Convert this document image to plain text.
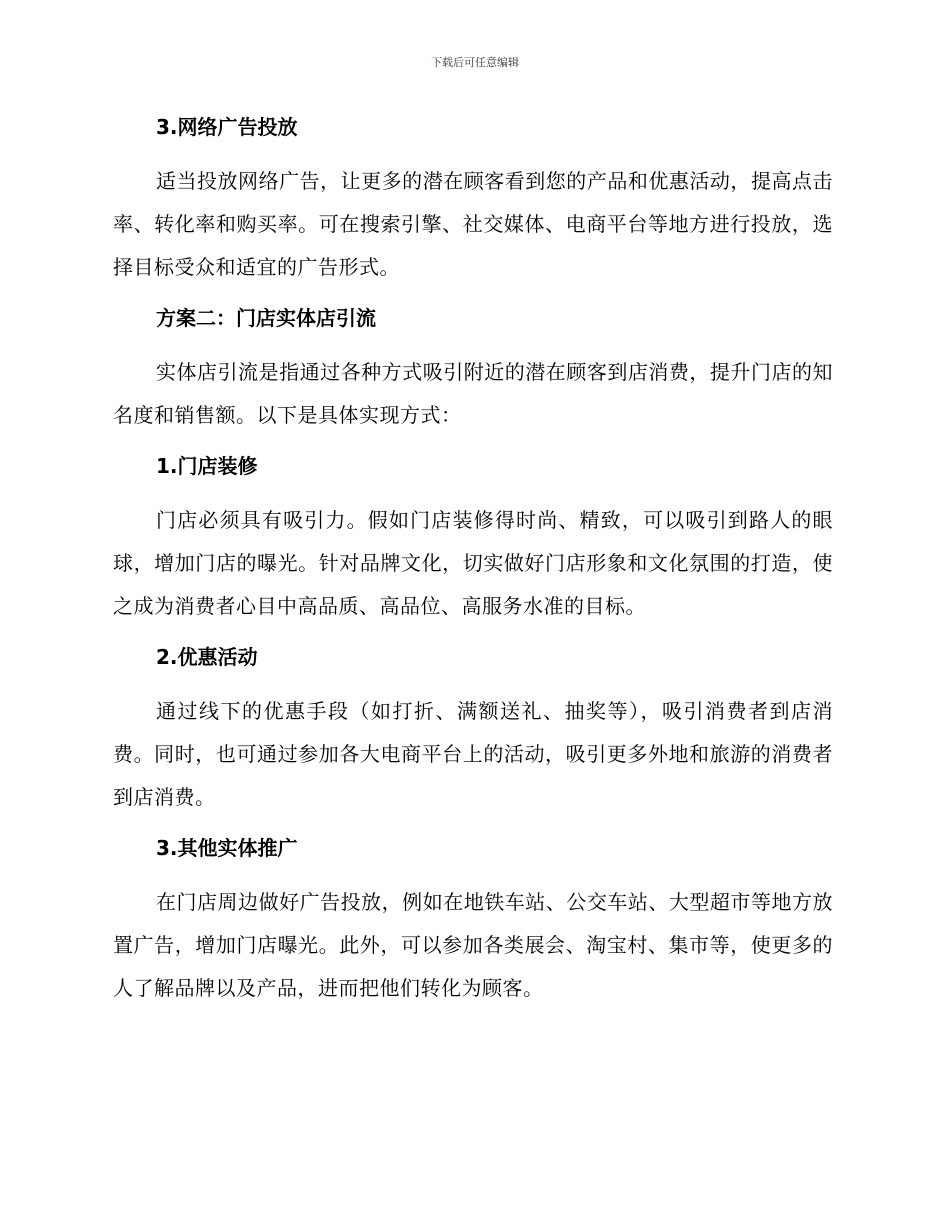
下载后可任意编辑
3.网络广告投放

适当投放网络广告，让更多的潜在顾客看到您的产品和优惠活动，提高点击率、转化率和购买率。可在搜索引擎、社交媒体、电商平台等地方进行投放，选择目标受众和适宜的广告形式。

方案二：门店实体店引流

实体店引流是指通过各种方式吸引附近的潜在顾客到店消费，提升门店的知名度和销售额。以下是具体实现方式：

1.门店装修

门店必须具有吸引力。假如门店装修得时尚、精致，可以吸引到路人的眼球，增加门店的曝光。针对品牌文化，切实做好门店形象和文化氛围的打造，使之成为消费者心目中高品质、高品位、高服务水准的目标。

2.优惠活动

通过线下的优惠手段（如打折、满额送礼、抽奖等），吸引消费者到店消费。同时，也可通过参加各大电商平台上的活动，吸引更多外地和旅游的消费者到店消费。

3.其他实体推广

在门店周边做好广告投放，例如在地铁车站、公交车站、大型超市等地方放置广告，增加门店曝光。此外，可以参加各类展会、淘宝村、集市等，使更多的人了解品牌以及产品，进而把他们转化为顾客。
